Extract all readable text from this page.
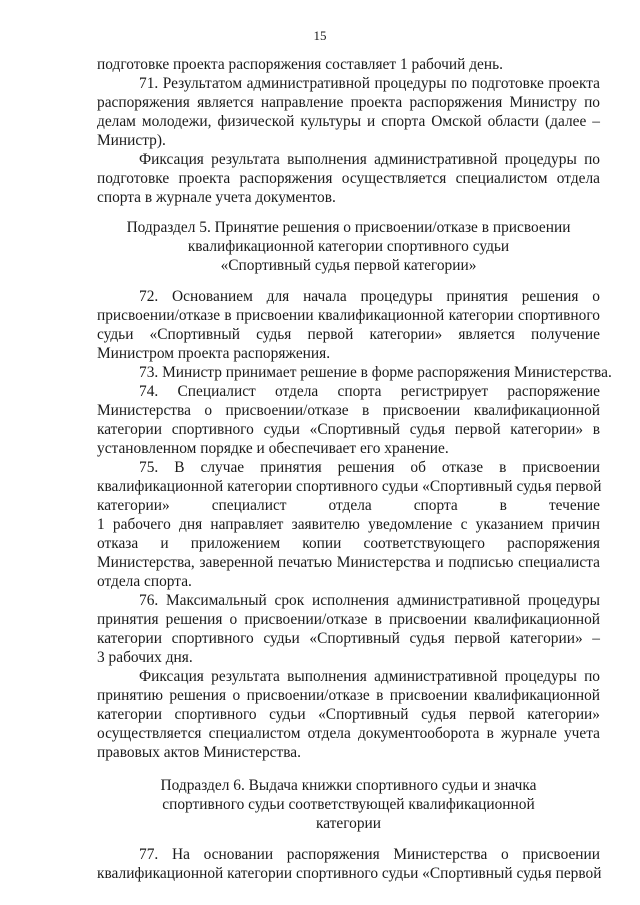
15
подготовке проекта распоряжения составляет 1 рабочий день.
71. Результатом административной процедуры по подготовке проекта
распоряжения является направление проекта распоряжения Министру по
делам молодежи, физической культуры и спорта Омской области (далее –
Министр).
Фиксация результата выполнения административной процедуры по
подготовке проекта распоряжения осуществляется специалистом отдела
спорта в журнале учета документов.
Подраздел 5. Принятие решения о присвоении/отказе в присвоении
квалификационной категории спортивного судьи
«Спортивный судья первой категории»
72. Основанием для начала процедуры принятия решения о
присвоении/отказе в присвоении квалификационной категории спортивного
судьи «Спортивный судья первой категории» является получение
Министром проекта распоряжения.
73. Министр принимает решение в форме распоряжения Министерства.
74. Специалист отдела спорта регистрирует распоряжение
Министерства о присвоении/отказе в присвоении квалификационной
категории спортивного судьи «Спортивный судья первой категории» в
установленном порядке и обеспечивает его хранение.
75. В случае принятия решения об отказе в присвоении
квалификационной категории спортивного судьи «Спортивный судья первой
категории» специалист отдела спорта в течение
1 рабочего дня направляет заявителю уведомление с указанием причин
отказа и приложением копии соответствующего распоряжения
Министерства, заверенной печатью Министерства и подписью специалиста
отдела спорта.
76. Максимальный срок исполнения административной процедуры
принятия решения о присвоении/отказе в присвоении квалификационной
категории спортивного судьи «Спортивный судья первой категории» –
3 рабочих дня.
Фиксация результата выполнения административной процедуры по
принятию решения о присвоении/отказе в присвоении квалификационной
категории спортивного судьи «Спортивный судья первой категории»
осуществляется специалистом отдела документооборота в журнале учета
правовых актов Министерства.
Подраздел 6. Выдача книжки спортивного судьи и значка
спортивного судьи соответствующей квалификационной
категории
77. На основании распоряжения Министерства о присвоении
квалификационной категории спортивного судьи «Спортивный судья первой
